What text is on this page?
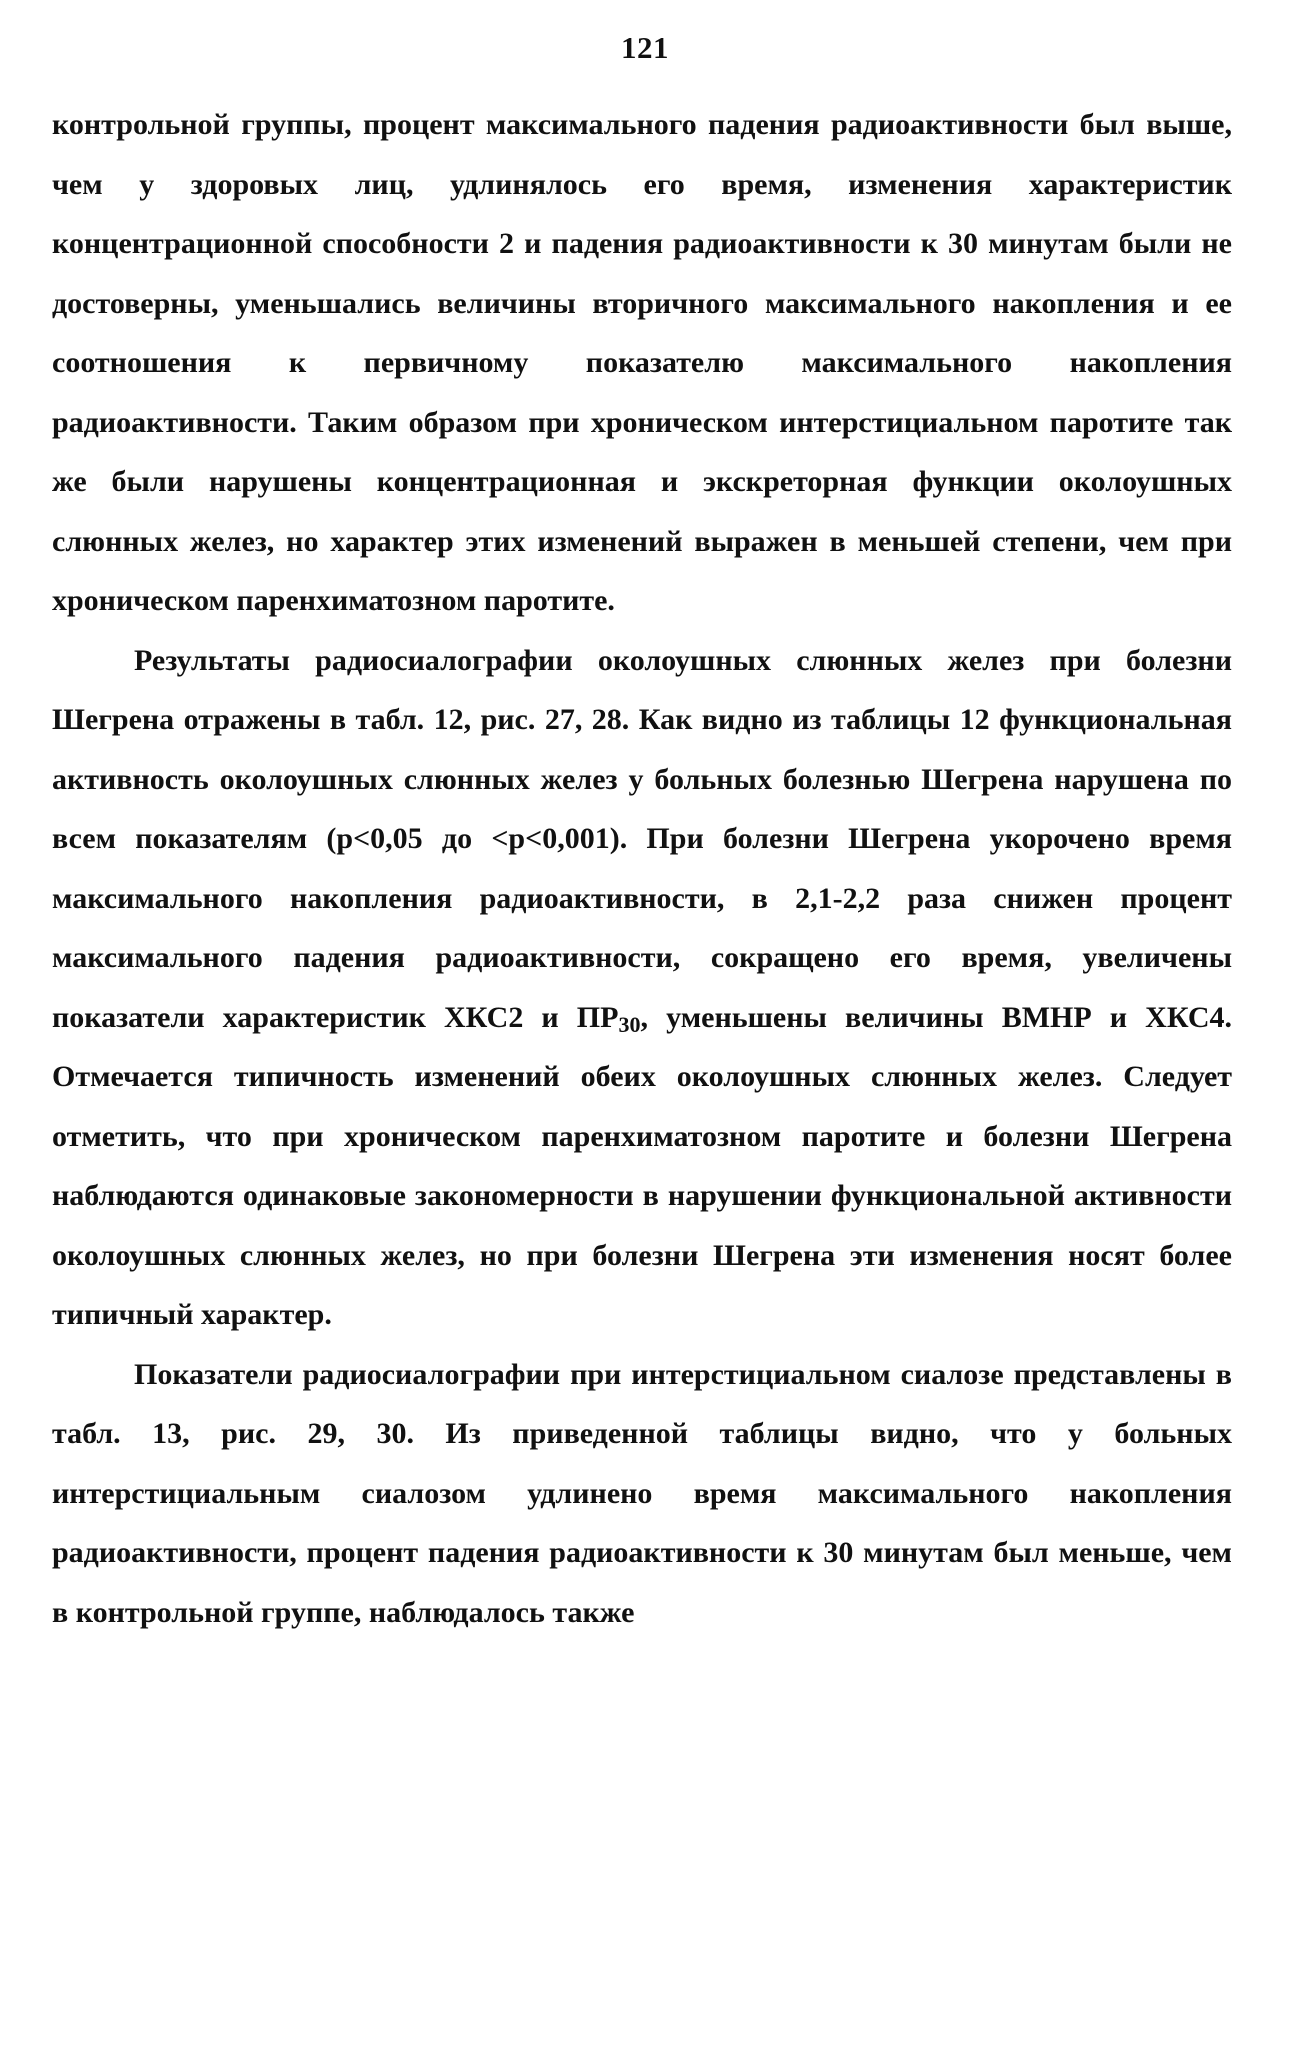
121

контрольной группы, процент максимального падения радиоактивности был выше, чем у здоровых лиц, удлинялось его время, изменения характеристик концентрационной способности 2 и падения радиоактивности к 30 минутам были не достоверны, уменьшались величины вторичного максимального накопления и ее соотношения к первичному показателю максимального накопления радиоактивности. Таким образом при хроническом интерстициальном паротите так же были нарушены концентрационная и экскреторная функции околоушных слюнных желез, но характер этих изменений выражен в меньшей степени, чем при хроническом паренхиматозном паротите.

Результаты радиосиалографии околоушных слюнных желез при болезни Шегрена отражены в табл. 12, рис. 27, 28. Как видно из таблицы 12 функциональная активность околоушных слюнных желез у больных болезнью Шегрена нарушена по всем показателям (p<0,05 до <p<0,001). При болезни Шегрена укорочено время максимального накопления радиоактивности, в 2,1-2,2 раза снижен процент максимального падения радиоактивности, сокращено его время, увеличены показатели характеристик ХКС2 и $ПР_{30}$, уменьшены величины ВМНР и ХКС4. Отмечается типичность изменений обеих околоушных слюнных желез. Следует отметить, что при хроническом паренхиматозном паротите и болезни Шегрена наблюдаются одинаковые закономерности в нарушении функциональной активности околоушных слюнных желез, но при болезни Шегрена эти изменения носят более типичный характер.

Показатели радиосиалографии при интерстициальном сиалозе представлены в табл. 13, рис. 29, 30. Из приведенной таблицы видно, что у больных интерстициальным сиалозом удлинено время максимального накопления радиоактивности, процент падения радиоактивности к 30 минутам был меньше, чем в контрольной группе, наблюдалось также
